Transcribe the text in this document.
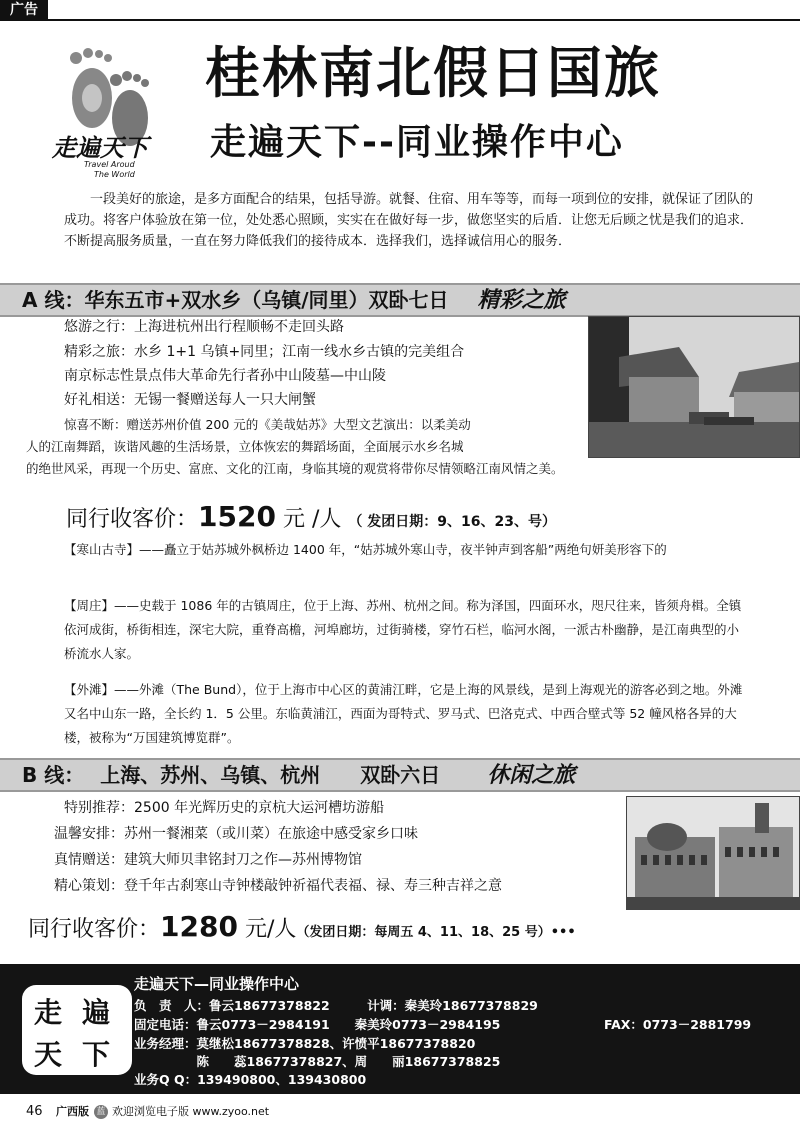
广告
走遍天下
Travel Aroud
The World
桂林南北假日国旅
走遍天下--同业操作中心
一段美好的旅途，是多方面配合的结果，包括导游。就餐、住宿、用车等等，而每一项到位的安排，就保证了团队的成功。将客户体验放在第一位，处处悉心照顾，实实在在做好每一步，做您坚实的后盾．让您无后顾之忧是我们的追求．不断提高服务质量，一直在努力降低我们的接待成本．选择我们，选择诚信用心的服务．
A 线：华东五市+双水乡（乌镇/同里）双卧七日 精彩之旅
悠游之行：上海进杭州出行程顺畅不走回头路
精彩之旅：水乡 1+1 乌镇+同里；江南一线水乡古镇的完美组合
南京标志性景点伟大革命先行者孙中山陵墓—中山陵
好礼相送：无锡一餐赠送每人一只大闸蟹
惊喜不断：赠送苏州价值 200 元的《美哉姑苏》大型文艺演出：以柔美动
人的江南舞蹈，诙谐风趣的生活场景，立体恢宏的舞蹈场面，全面展示水乡名城
的绝世风采，再现一个历史、富庶、文化的江南，身临其境的观赏将带你尽情领略江南风情之美。
同行收客价：1520 元 /人 （ 发团日期：9、16、23、号）
【寒山古寺】——矗立于姑苏城外枫桥边 1400 年，“姑苏城外寒山寺，夜半钟声到客船”两绝句妍美形容下的
【周庄】——史载于 1086 年的古镇周庄，位于上海、苏州、杭州之间。称为泽国，四面环水，咫尺往来，皆须舟楫。全镇依河成街，桥街相连，深宅大院，重脊高檐，河埠廊坊，过街骑楼，穿竹石栏，临河水阁，一派古朴幽静，是江南典型的小桥流水人家。
【外滩】——外滩（The Bund），位于上海市中心区的黄浦江畔，它是上海的风景线，是到上海观光的游客必到之地。外滩又名中山东一路，全长约 1．5 公里。东临黄浦江，西面为哥特式、罗马式、巴洛克式、中西合壁式等 52 幢风格各异的大楼，被称为“万国建筑博览群”。
B 线： 上海、苏州、乌镇、杭州　　双卧六日 休闲之旅
特别推荐：2500 年光辉历史的京杭大运河槽坊游船
温馨安排：苏州一餐湘菜（或川菜）在旅途中感受家乡口味
真情赠送：建筑大师贝聿铭封刀之作—苏州博物馆
精心策划：登千年古刹寒山寺钟楼敲钟祈福代表福、禄、寿三种吉祥之意
同行收客价：1280 元/人（发团日期：每周五 4、11、18、25 号）•••
走 遍
天 下
走遍天下—同业操作中心
负　责　人：鲁云18677378822　　　计调：秦美玲18677378829
固定电话：鲁云0773－2984191　　秦美玲0773－2984195	FAX：0773－2881799
业务经理：莫继松18677378828、许愤平18677378820
　　　　　陈　　蕊18677378827、周　　丽18677378825
业务Q Q：139490800、139430800
46 广西版 蓝 欢迎浏览电子版 www.zyoo.net
